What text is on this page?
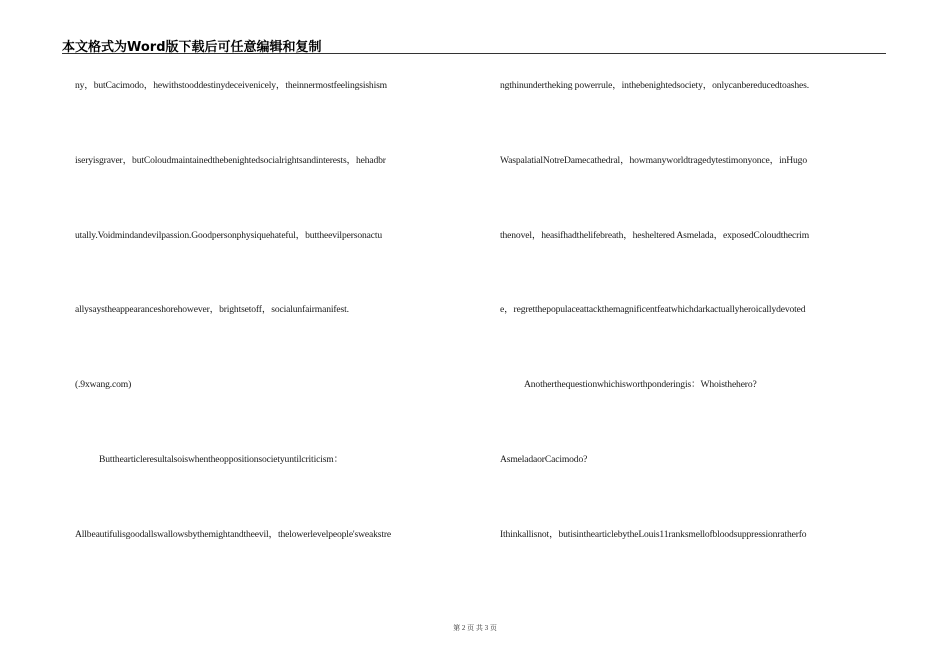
本文格式为Word版下载后可任意编辑和复制
ny，butCacimodo，hewithstooddestinydeceivenicely，theinnermostfeelingsishism
iseryisgraver，butColoudmaintainedthebenightedsocialrightsandinterests，hehadbr
utally.Voidmindandevilpassion.Goodpersonphysiquehateful，buttheevilpersonactu
allysaystheappearanceshorehowever，brightsetoff，socialunfairmanifest.
(.9xwang.com)
Butthearticleresultalsoiswhentheoppositionsocietyuntilcriticism：
Allbeautifulisgoodallswallowsbythemightandtheevil，thelowerlevelpeople'sweakstre
ngthinundertheking powerrule，inthebenightedsociety，onlycanbereducedtoashes.
WaspalatialNotreDamecathedral，howmanyworldtragedytestimonyonce，inHugo
thenovel，heasifhadthelifebreath，hesheltered Asmelada，exposedColoudthecrim
e，regretthepopulaceattackthemagnificentfeatwhichdarkactuallyheroicallydevoted
Anotherthequestionwhichisworthponderingis：Whoisthehero?
AsmeladaorCacimodo?
Ithinkallisnot，butisinthearticlebytheLouis11ranksmellofbloodsuppressionratherfo
第 2 页 共 3 页
